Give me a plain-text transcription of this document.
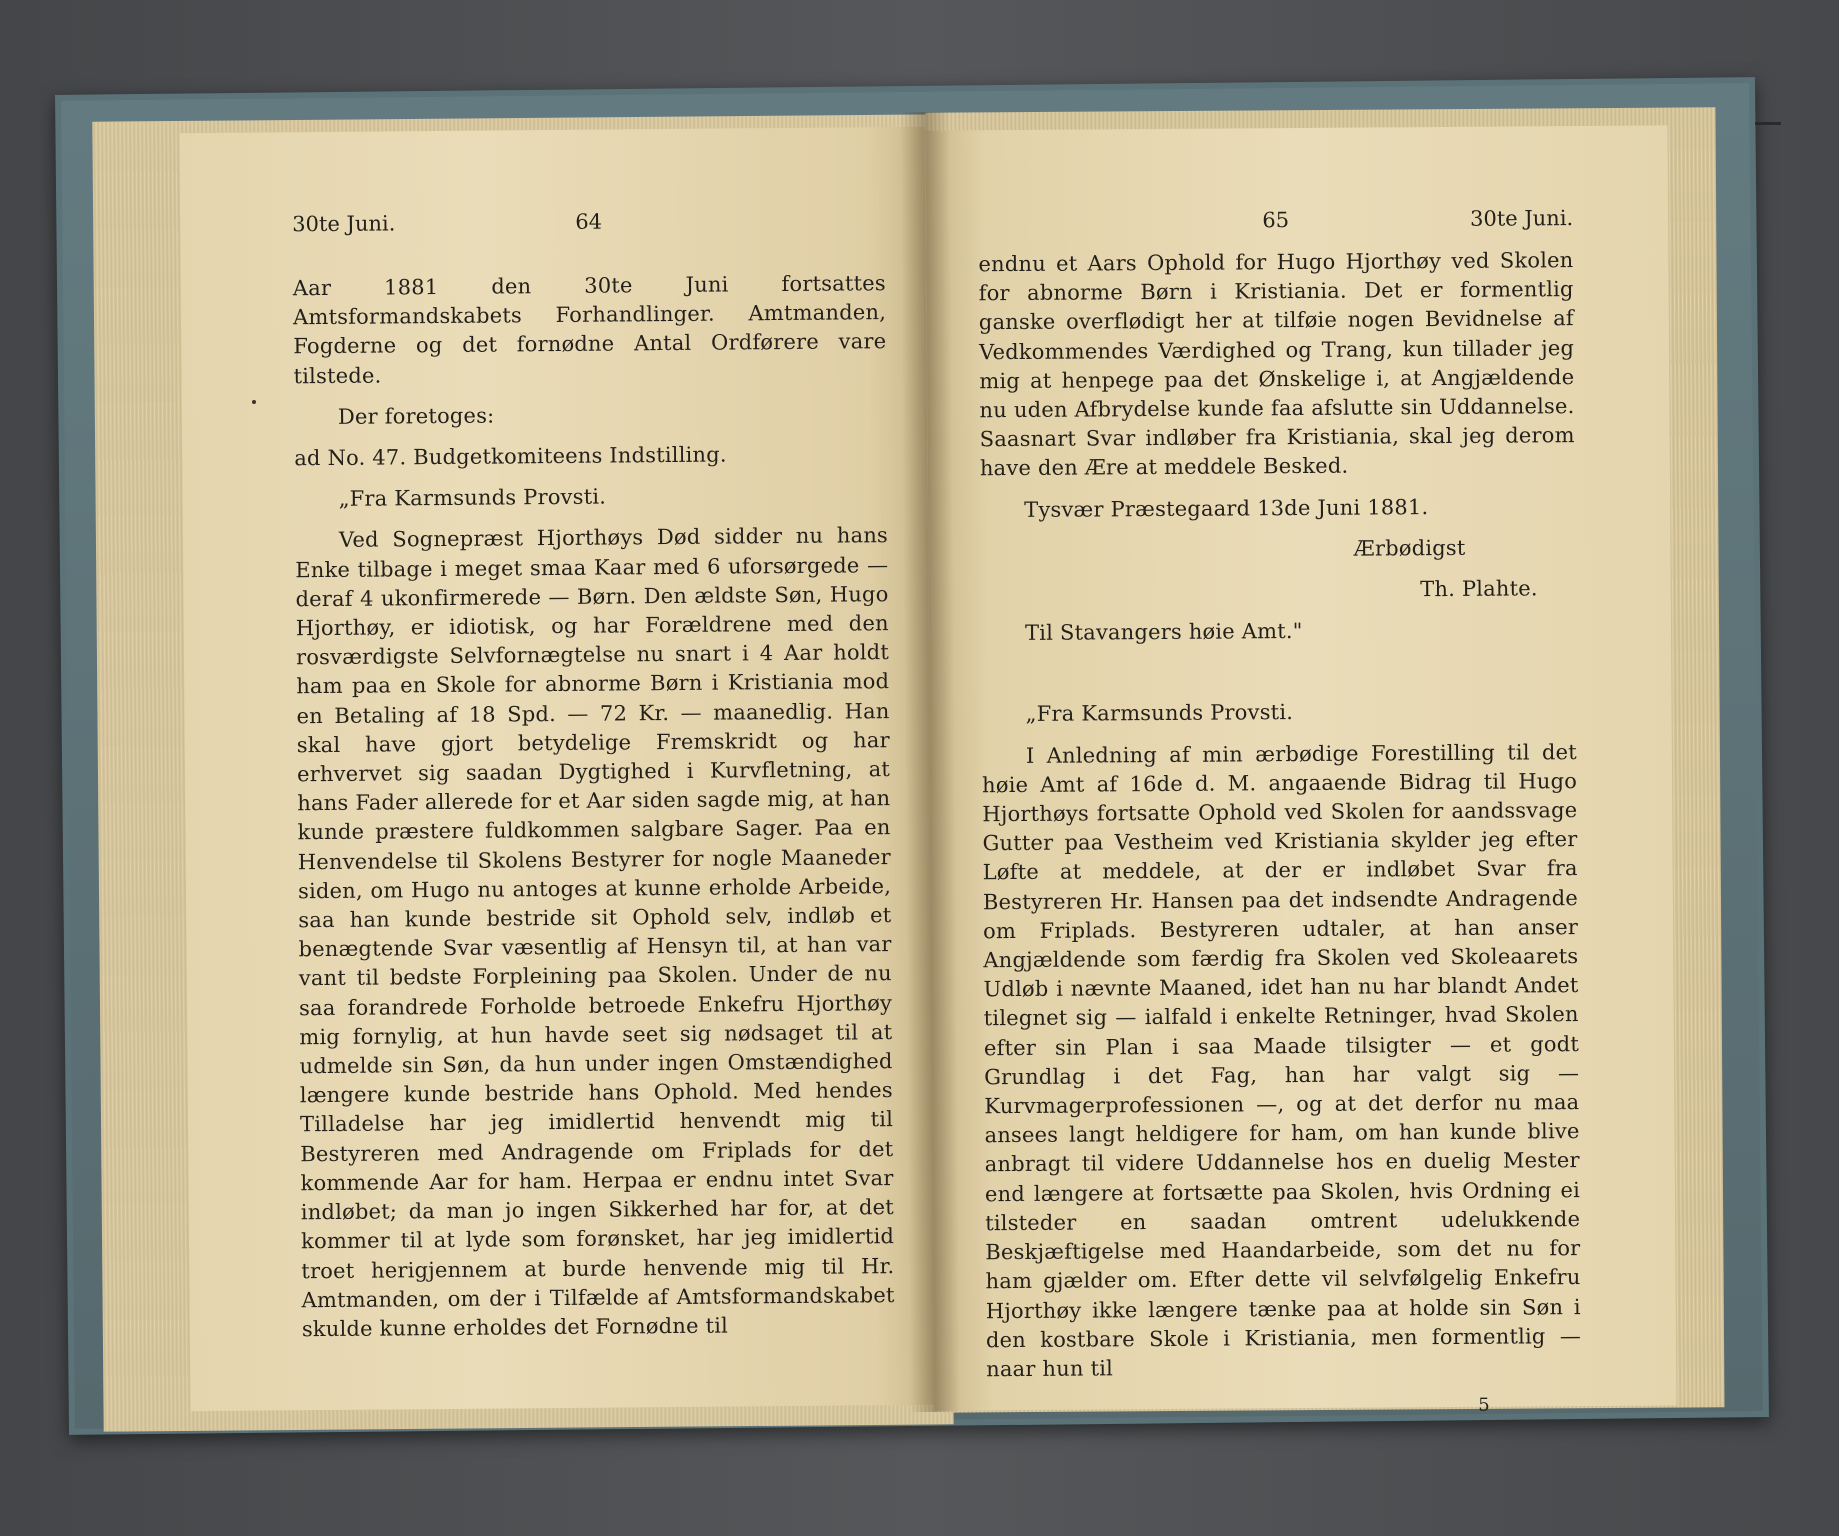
30te Juni.	64

Aar 1881 den 30te Juni fortsattes Amtsformandskabets Forhandlinger. Amtmanden, Fogderne og det fornødne Antal Ordførere vare tilstede.

Der foretoges:

ad No. 47. Budgetkomiteens Indstilling.

„Fra Karmsunds Provsti.

Ved Sognepræst Hjorthøys Død sidder nu hans Enke tilbage i meget smaa Kaar med 6 uforsørgede — deraf 4 ukonfirmerede — Børn. Den ældste Søn, Hugo Hjorthøy, er idiotisk, og har Forældrene med den rosværdigste Selvfornægtelse nu snart i 4 Aar holdt ham paa en Skole for abnorme Børn i Kristiania mod en Betaling af 18 Spd. — 72 Kr. — maanedlig. Han skal have gjort betydelige Fremskridt og har erhvervet sig saadan Dygtighed i Kurvfletning, at hans Fader allerede for et Aar siden sagde mig, at han kunde præstere fuldkommen salgbare Sager. Paa en Henvendelse til Skolens Bestyrer for nogle Maaneder siden, om Hugo nu antoges at kunne erholde Arbeide, saa han kunde bestride sit Ophold selv, indløb et benægtende Svar væsentlig af Hensyn til, at han var vant til bedste Forpleining paa Skolen. Under de nu saa forandrede Forholde betroede Enkefru Hjorthøy mig fornylig, at hun havde seet sig nødsaget til at udmelde sin Søn, da hun under ingen Omstændighed længere kunde bestride hans Ophold. Med hendes Tilladelse har jeg imidlertid henvendt mig til Bestyreren med Andragende om Friplads for det kommende Aar for ham. Herpaa er endnu intet Svar indløbet; da man jo ingen Sikkerhed har for, at det kommer til at lyde som forønsket, har jeg imidlertid troet herigjennem at burde henvende mig til Hr. Amtmanden, om der i Tilfælde af Amtsformandskabet skulde kunne erholdes det Fornødne til

65	30te Juni.

endnu et Aars Ophold for Hugo Hjorthøy ved Skolen for abnorme Børn i Kristiania. Det er formentlig ganske overflødigt her at tilføie nogen Bevidnelse af Vedkommendes Værdighed og Trang, kun tillader jeg mig at henpege paa det Ønskelige i, at Angjældende nu uden Afbrydelse kunde faa afslutte sin Uddannelse. Saasnart Svar indløber fra Kristiania, skal jeg derom have den Ære at meddele Besked.

Tysvær Præstegaard 13de Juni 1881.

Ærbødigst

Th. Plahte.

Til Stavangers høie Amt."

„Fra Karmsunds Provsti.

I Anledning af min ærbødige Forestilling til det høie Amt af 16de d. M. angaaende Bidrag til Hugo Hjorthøys fortsatte Ophold ved Skolen for aandssvage Gutter paa Vestheim ved Kristiania skylder jeg efter Løfte at meddele, at der er indløbet Svar fra Bestyreren Hr. Hansen paa det indsendte Andragende om Friplads. Bestyreren udtaler, at han anser Angjældende som færdig fra Skolen ved Skoleaarets Udløb i nævnte Maaned, idet han nu har blandt Andet tilegnet sig — ialfald i enkelte Retninger, hvad Skolen efter sin Plan i saa Maade tilsigter — et godt Grundlag i det Fag, han har valgt sig — Kurvmagerprofessionen —, og at det derfor nu maa ansees langt heldigere for ham, om han kunde blive anbragt til videre Uddannelse hos en duelig Mester end længere at fortsætte paa Skolen, hvis Ordning ei tilsteder en saadan omtrent udelukkende Beskjæftigelse med Haandarbeide, som det nu for ham gjælder om. Efter dette vil selvfølgelig Enkefru Hjorthøy ikke længere tænke paa at holde sin Søn i den kostbare Skole i Kristiania, men formentlig — naar hun til

5
